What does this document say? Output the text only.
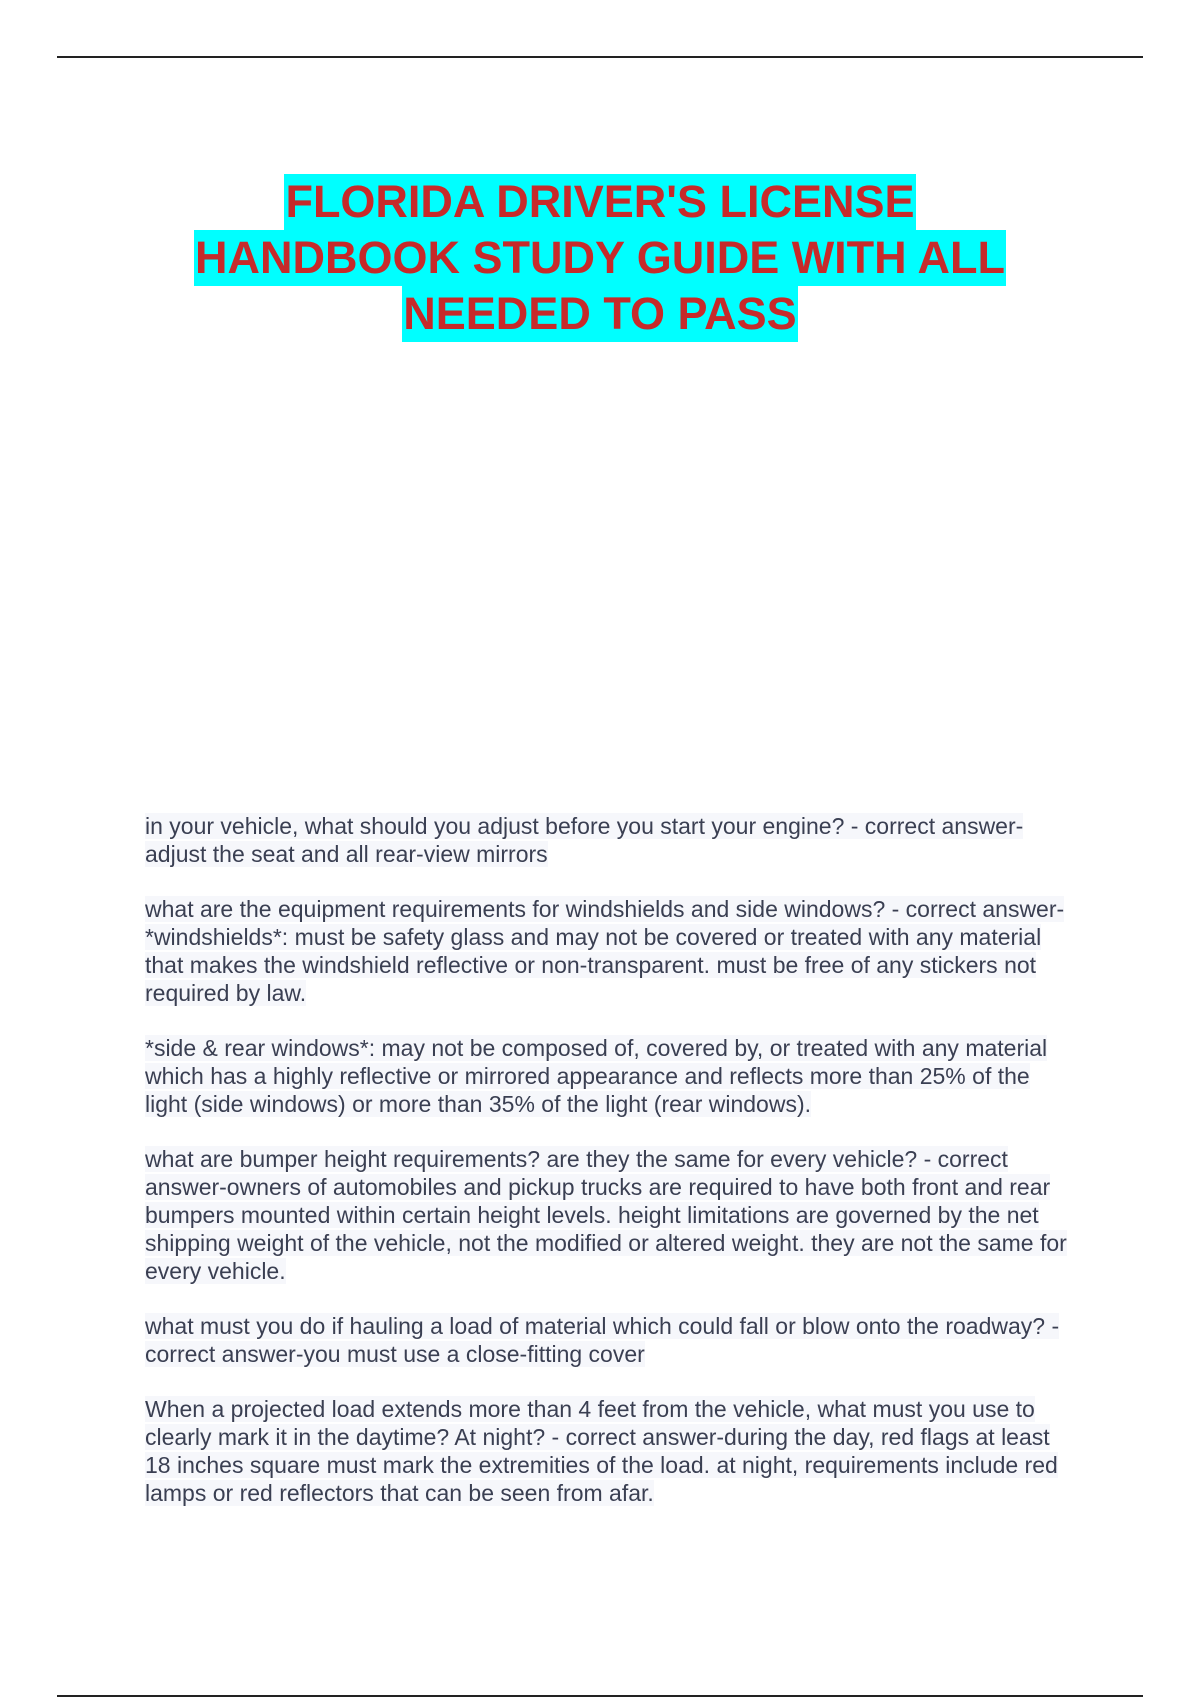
FLORIDA DRIVER'S LICENSE
HANDBOOK STUDY GUIDE WITH ALL
NEEDED TO PASS

in your vehicle, what should you adjust before you start your engine? - correct answer-adjust the seat and all rear-view mirrors

what are the equipment requirements for windshields and side windows? - correct answer-*windshields*: must be safety glass and may not be covered or treated with any material that makes the windshield reflective or non-transparent. must be free of any stickers not required by law.

*side & rear windows*: may not be composed of, covered by, or treated with any material which has a highly reflective or mirrored appearance and reflects more than 25% of the light (side windows) or more than 35% of the light (rear windows).

what are bumper height requirements? are they the same for every vehicle? - correct answer-owners of automobiles and pickup trucks are required to have both front and rear bumpers mounted within certain height levels. height limitations are governed by the net shipping weight of the vehicle, not the modified or altered weight. they are not the same for every vehicle.

what must you do if hauling a load of material which could fall or blow onto the roadway? - correct answer-you must use a close-fitting cover

When a projected load extends more than 4 feet from the vehicle, what must you use to clearly mark it in the daytime? At night? - correct answer-during the day, red flags at least 18 inches square must mark the extremities of the load. at night, requirements include red lamps or red reflectors that can be seen from afar.
